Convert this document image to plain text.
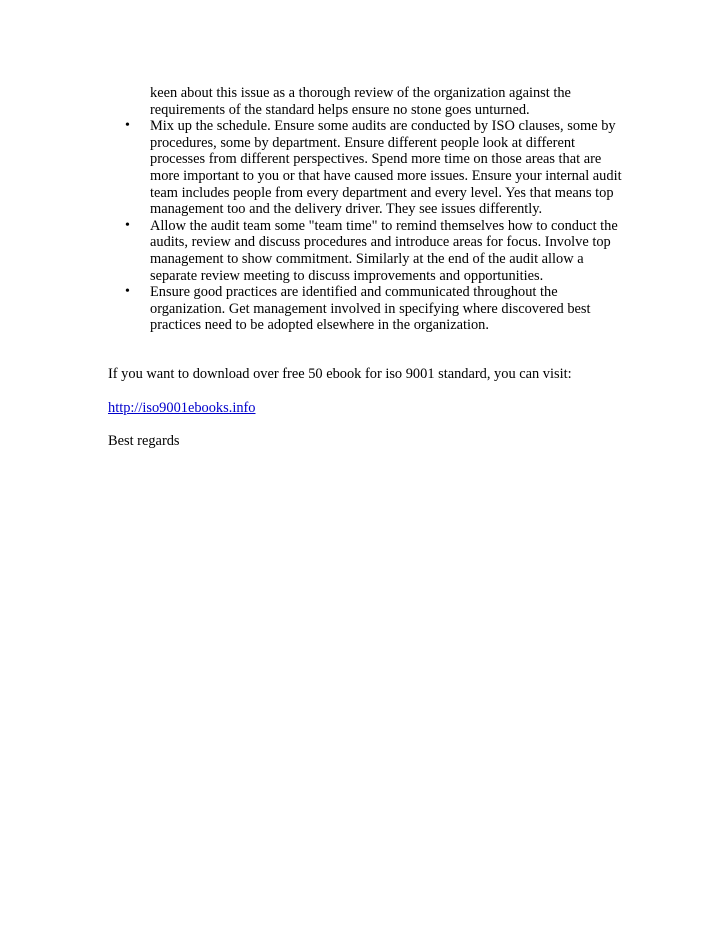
keen about this issue as a thorough review of the organization against the
requirements of the standard helps ensure no stone goes unturned.
• Mix up the schedule. Ensure some audits are conducted by ISO clauses, some by
procedures, some by department. Ensure different people look at different
processes from different perspectives. Spend more time on those areas that are
more important to you or that have caused more issues. Ensure your internal audit
team includes people from every department and every level. Yes that means top
management too and the delivery driver. They see issues differently.
• Allow the audit team some "team time" to remind themselves how to conduct the
audits, review and discuss procedures and introduce areas for focus. Involve top
management to show commitment. Similarly at the end of the audit allow a
separate review meeting to discuss improvements and opportunities.
• Ensure good practices are identified and communicated throughout the
organization. Get management involved in specifying where discovered best
practices need to be adopted elsewhere in the organization.
If you want to download over free 50 ebook for iso 9001 standard, you can visit:
http://iso9001ebooks.info
Best regards
